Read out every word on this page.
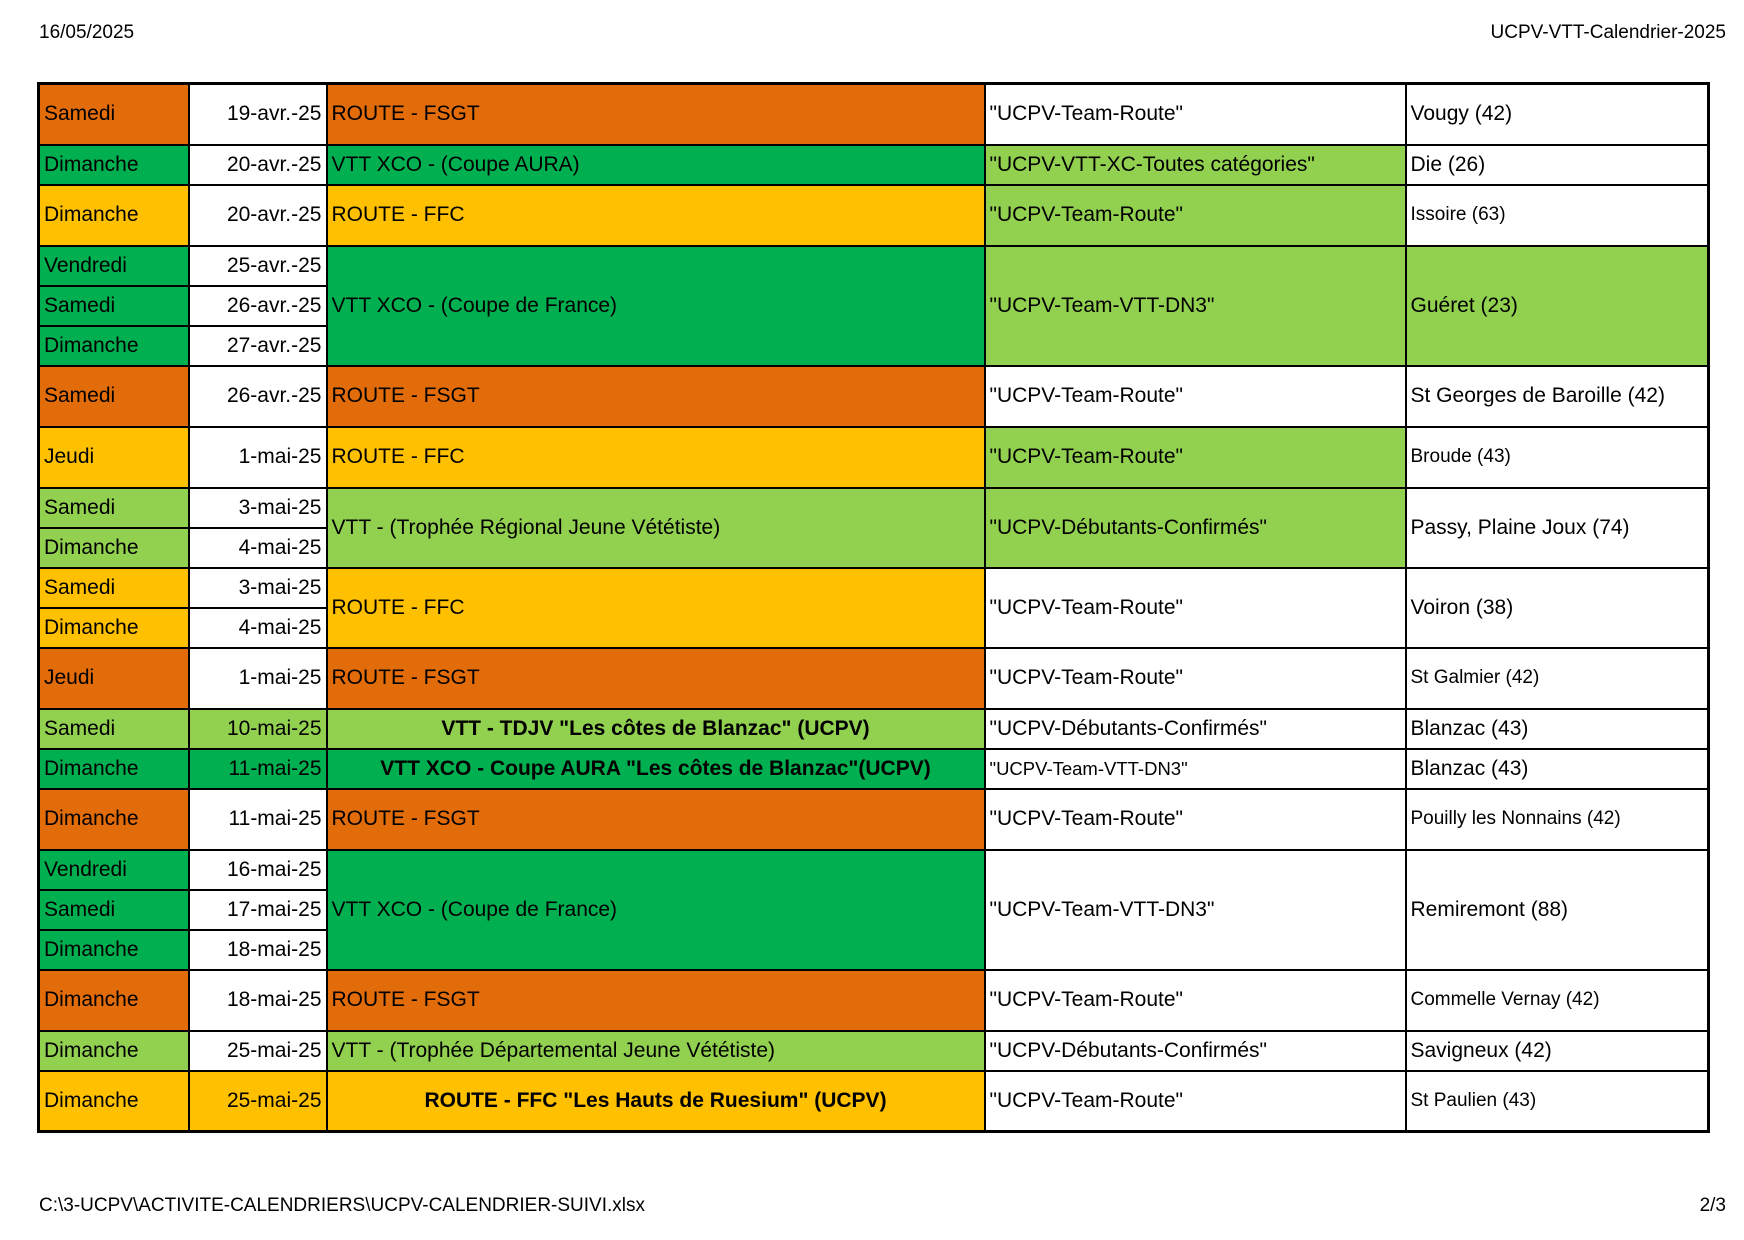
16/05/2025	UCPV-VTT-Calendrier-2025
Samedi	19-avr.-25	ROUTE - FSGT	"UCPV-Team-Route"	Vougy (42)
Dimanche	20-avr.-25	VTT XCO - (Coupe AURA)	"UCPV-VTT-XC-Toutes catégories"	Die (26)
Dimanche	20-avr.-25	ROUTE - FFC	"UCPV-Team-Route"	Issoire (63)
Vendredi	25-avr.-25	VTT XCO - (Coupe de France)	"UCPV-Team-VTT-DN3"	Guéret (23)
Samedi	26-avr.-25			
Dimanche	27-avr.-25			
Samedi	26-avr.-25	ROUTE - FSGT	"UCPV-Team-Route"	St Georges de Baroille (42)
Jeudi	1-mai-25	ROUTE - FFC	"UCPV-Team-Route"	Broude (43)
Samedi	3-mai-25	VTT - (Trophée Régional Jeune Vététiste)	"UCPV-Débutants-Confirmés"	Passy, Plaine Joux (74)
Dimanche	4-mai-25			
Samedi	3-mai-25	ROUTE - FFC	"UCPV-Team-Route"	Voiron (38)
Dimanche	4-mai-25			
Jeudi	1-mai-25	ROUTE - FSGT	"UCPV-Team-Route"	St Galmier (42)
Samedi	10-mai-25	VTT - TDJV "Les côtes de Blanzac" (UCPV)	"UCPV-Débutants-Confirmés"	Blanzac (43)
Dimanche	11-mai-25	VTT XCO - Coupe AURA "Les côtes de Blanzac"(UCPV)	"UCPV-Team-VTT-DN3"	Blanzac (43)
Dimanche	11-mai-25	ROUTE - FSGT	"UCPV-Team-Route"	Pouilly les Nonnains (42)
Vendredi	16-mai-25	VTT XCO - (Coupe de France)	"UCPV-Team-VTT-DN3"	Remiremont (88)
Samedi	17-mai-25			
Dimanche	18-mai-25			
Dimanche	18-mai-25	ROUTE - FSGT	"UCPV-Team-Route"	Commelle Vernay (42)
Dimanche	25-mai-25	VTT - (Trophée Départemental Jeune Vététiste)	"UCPV-Débutants-Confirmés"	Savigneux (42)
Dimanche	25-mai-25	ROUTE - FFC "Les Hauts de Ruesium" (UCPV)	"UCPV-Team-Route"	St Paulien (43)
C:\3-UCPV\ACTIVITE-CALENDRIERS\UCPV-CALENDRIER-SUIVI.xlsx	2/3
